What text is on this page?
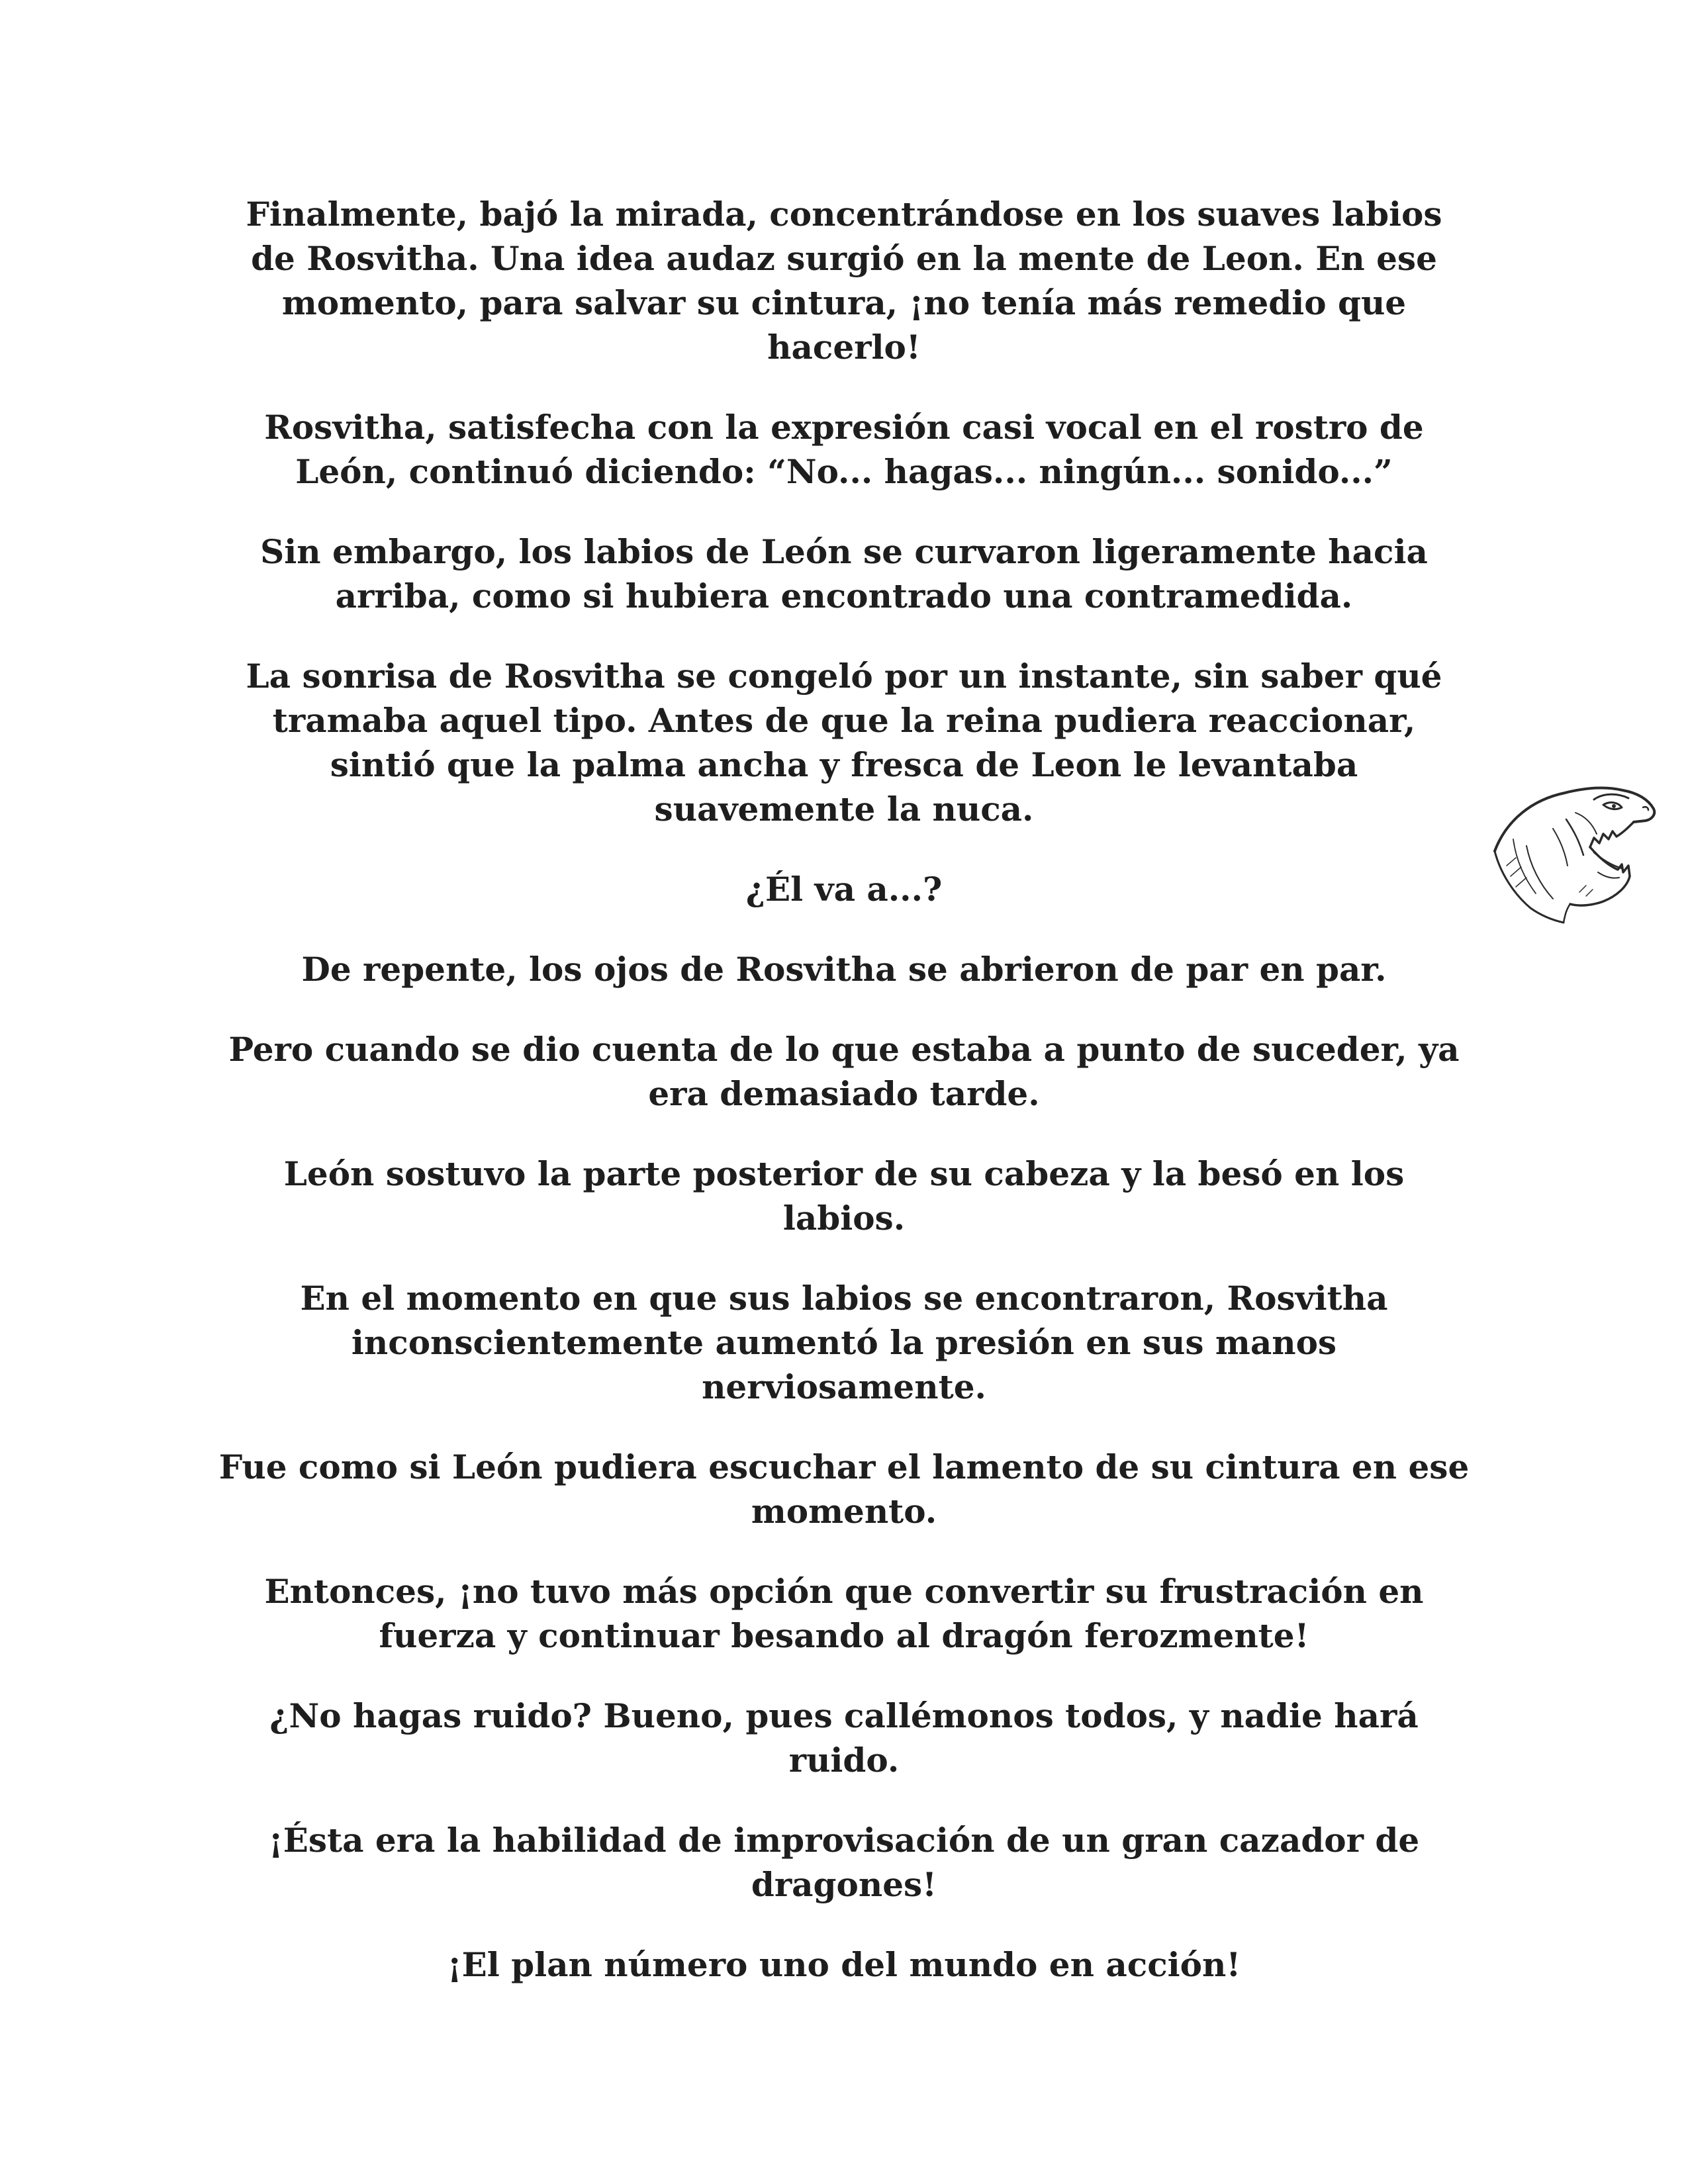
Finalmente, bajó la mirada, concentrándose en los suaves labios de Rosvitha. Una idea audaz surgió en la mente de Leon. En ese momento, para salvar su cintura, ¡no tenía más remedio que hacerlo!

Rosvitha, satisfecha con la expresión casi vocal en el rostro de León, continuó diciendo: “No... hagas... ningún... sonido...”

Sin embargo, los labios de León se curvaron ligeramente hacia arriba, como si hubiera encontrado una contramedida.

La sonrisa de Rosvitha se congeló por un instante, sin saber qué tramaba aquel tipo. Antes de que la reina pudiera reaccionar, sintió que la palma ancha y fresca de Leon le levantaba suavemente la nuca.

¿Él va a...?

De repente, los ojos de Rosvitha se abrieron de par en par.

Pero cuando se dio cuenta de lo que estaba a punto de suceder, ya era demasiado tarde.

León sostuvo la parte posterior de su cabeza y la besó en los labios.

En el momento en que sus labios se encontraron, Rosvitha inconscientemente aumentó la presión en sus manos nerviosamente.

Fue como si León pudiera escuchar el lamento de su cintura en ese momento.

Entonces, ¡no tuvo más opción que convertir su frustración en fuerza y continuar besando al dragón ferozmente!

¿No hagas ruido? Bueno, pues callémonos todos, y nadie hará ruido.

¡Ésta era la habilidad de improvisación de un gran cazador de dragones!

¡El plan número uno del mundo en acción!
